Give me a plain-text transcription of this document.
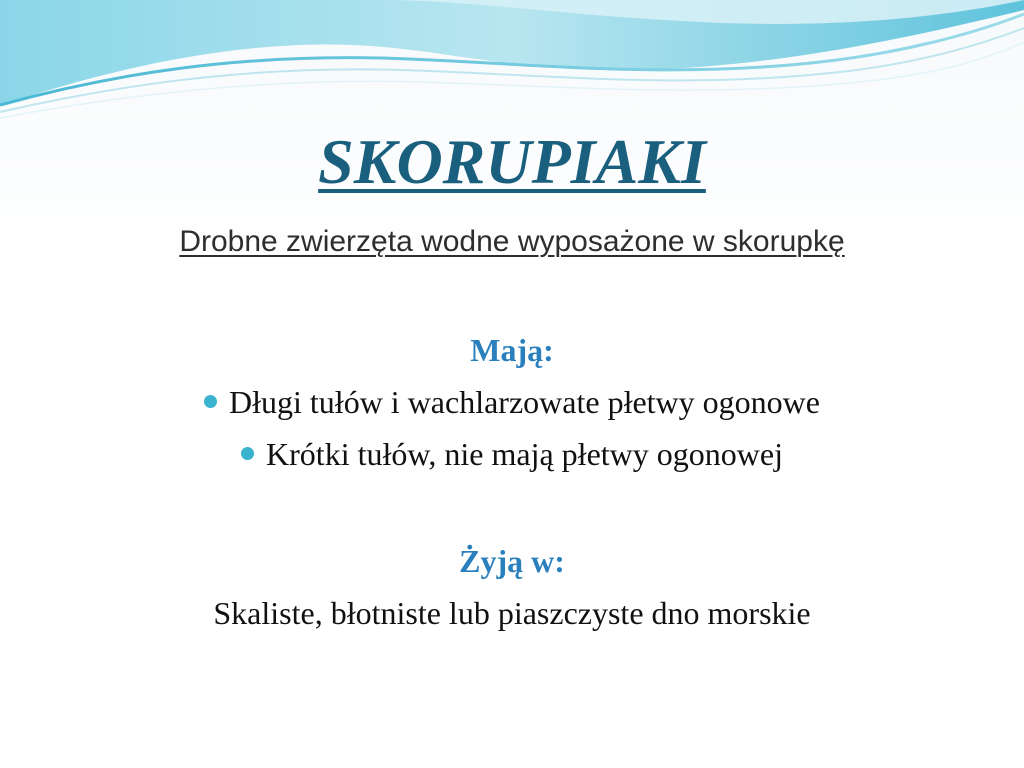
SKORUPIAKI
Drobne zwierzęta wodne wyposażone w skorupkę
Mają:
Długi tułów i wachlarzowate płetwy ogonowe
Krótki tułów, nie mają płetwy ogonowej
Żyją w:
Skaliste, błotniste lub piaszczyste dno morskie
